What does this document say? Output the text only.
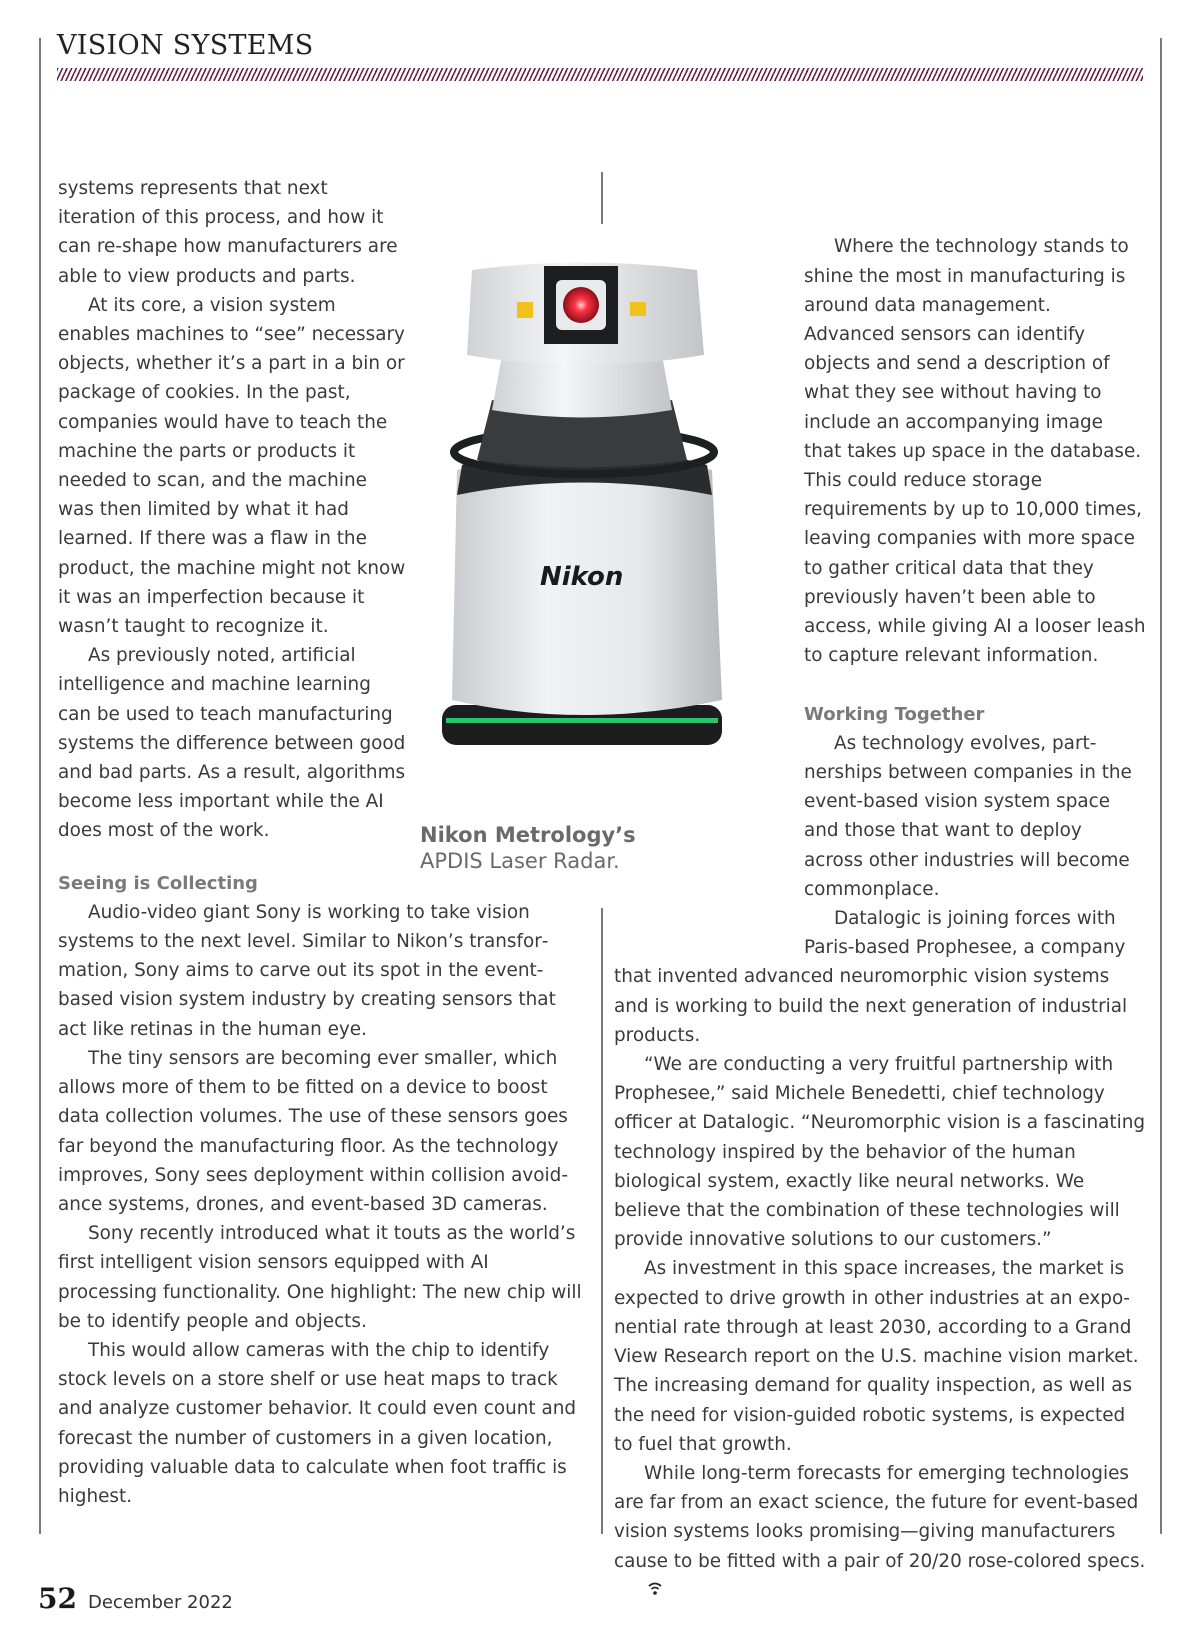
VISION SYSTEMS

systems represents that next iteration of this process, and how it can re-shape how manufacturers are able to view products and parts.

At its core, a vision system enables machines to “see” necessary objects, whether it’s a part in a bin or package of cookies. In the past, companies would have to teach the machine the parts or products it needed to scan, and the machine was then limited by what it had learned. If there was a flaw in the product, the machine might not know it was an imperfection because it wasn’t taught to recognize it.

As previously noted, artificial intelligence and machine learning can be used to teach manufacturing systems the difference between good and bad parts. As a result, algorithms become less important while the AI does most of the work.

Seeing is Collecting

Audio-video giant Sony is working to take vision systems to the next level. Similar to Nikon’s transformation, Sony aims to carve out its spot in the event-based vision system industry by creating sensors that act like retinas in the human eye.

The tiny sensors are becoming ever smaller, which allows more of them to be fitted on a device to boost data collection volumes. The use of these sensors goes far beyond the manufacturing floor. As the technology improves, Sony sees deployment within collision avoidance systems, drones, and event-based 3D cameras.

Sony recently introduced what it touts as the world’s first intelligent vision sensors equipped with AI processing functionality. One highlight: The new chip will be to identify people and objects.

This would allow cameras with the chip to identify stock levels on a store shelf or use heat maps to track and analyze customer behavior. It could even count and forecast the number of customers in a given location, providing valuable data to calculate when foot traffic is highest.

Where the technology stands to shine the most in manufacturing is around data management. Advanced sensors can identify objects and send a description of what they see without having to include an accompanying image that takes up space in the database. This could reduce storage requirements by up to 10,000 times, leaving companies with more space to gather critical data that they previously haven’t been able to access, while giving AI a looser leash to capture relevant information.

Working Together

As technology evolves, partnerships between companies in the event-based vision system space and those that want to deploy across other industries will become commonplace.

Datalogic is joining forces with Paris-based Prophesee, a company that invented advanced neuromorphic vision systems and is working to build the next generation of industrial products.

“We are conducting a very fruitful partnership with Prophesee,” said Michele Benedetti, chief technology officer at Datalogic. “Neuromorphic vision is a fascinating technology inspired by the behavior of the human biological system, exactly like neural networks. We believe that the combination of these technologies will provide innovative solutions to our customers.”

As investment in this space increases, the market is expected to drive growth in other industries at an exponential rate through at least 2030, according to a Grand View Research report on the U.S. machine vision market. The increasing demand for quality inspection, as well as the need for vision-guided robotic systems, is expected to fuel that growth.

While long-term forecasts for emerging technologies are far from an exact science, the future for event-based vision systems looks promising—giving manufacturers cause to be fitted with a pair of 20/20 rose-colored specs.

Nikon
Nikon Metrology’s APDIS Laser Radar.
52 December 2022
